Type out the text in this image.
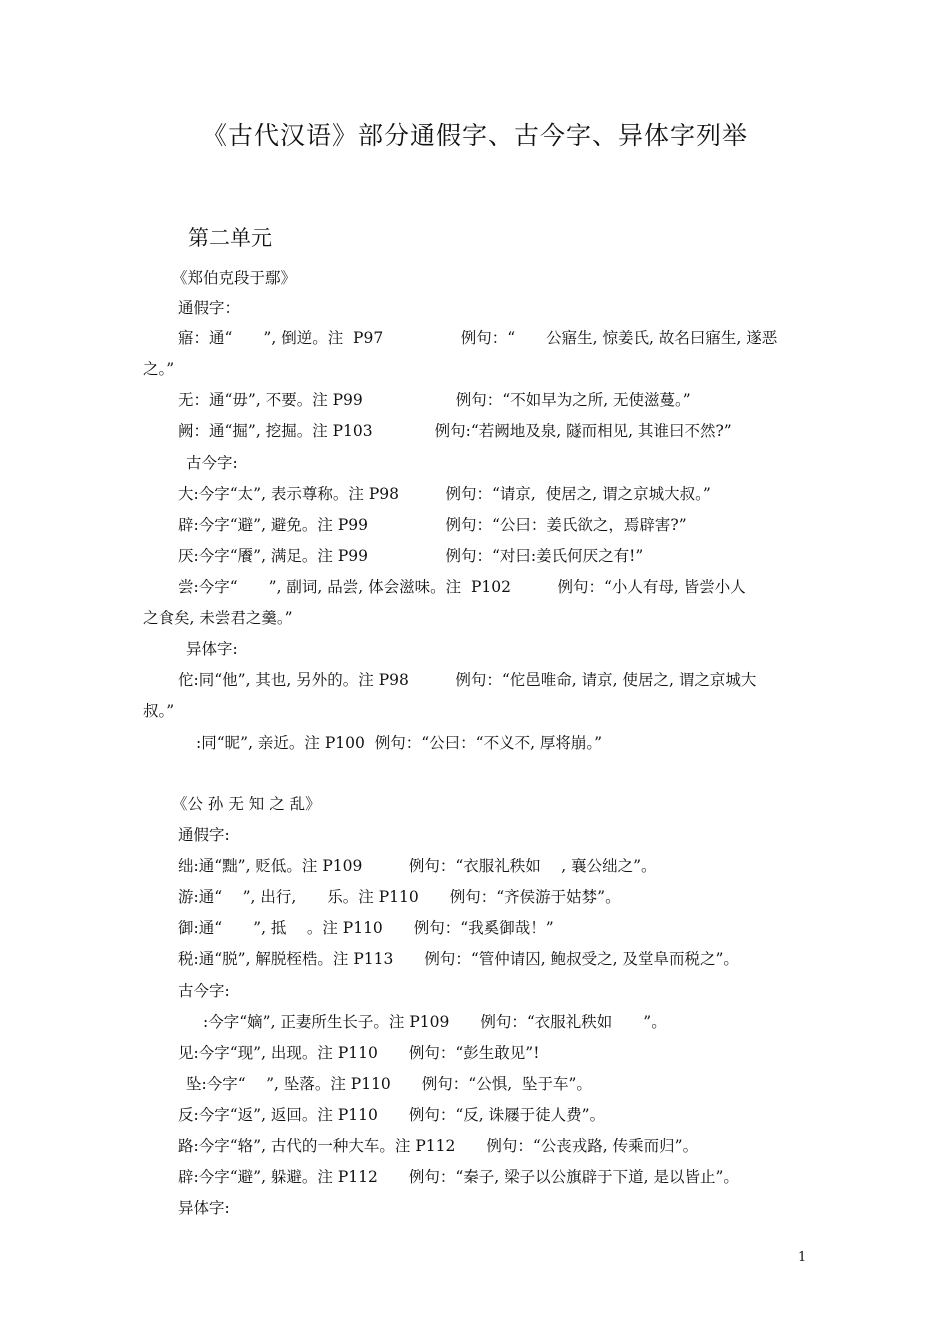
《古代汉语》部分通假字、古今字、异体字列举
第二单元
《郑伯克段于鄢》
通假字：
寤：通“　　”, 倒逆。注  P97　　　　　例句：“　　公寤生, 惊姜氏, 故名曰寤生, 遂恶
之。”
无：通“毋”, 不要。注 P99　　　　　　例句：“不如早为之所, 无使滋蔓。”
阙：通“掘”, 挖掘。注 P103　　　　例句:“若阙地及泉, 隧而相见, 其谁曰不然?”
古今字:
大:今字“太”, 表示尊称。注 P98　　　例句：“请京,  使居之, 谓之京城大叔。”
辟:今字“避”, 避免。注 P99　　　　　例句：“公曰：姜氏欲之，焉辟害?”
厌:今字“餍”, 满足。注 P99　　　　　例句：“对曰:姜氏何厌之有!”
尝:今字“　　”, 副词, 品尝, 体会滋味。注  P102　　　例句：“小人有母, 皆尝小人
之食矣, 未尝君之羹。”
异体字:
佗:同“他”, 其也, 另外的。注 P98　　　例句：“佗邑唯命, 请京, 使居之, 谓之京城大
叔。”
:同“昵”, 亲近。注 P100  例句：“公曰：“不义不, 厚将崩。”
《公 孙 无 知 之 乱》
通假字:
绌:通“黜”, 贬低。注 P109　　　例句：“衣服礼秩如　 , 襄公绌之”。
游:通“　 ”, 出行,　　乐。注 P110　　例句：“齐侯游于姑棼”。
御:通“　　”, 抵　 。注 P110　　例句：“我奚御哉！”
税:通“脱”, 解脱桎梏。注 P113　　例句：“管仲请囚, 鲍叔受之, 及堂阜而税之”。
古今字:
:今字“嫡”, 正妻所生长子。注 P109　　例句：“衣服礼秩如　　”。
见:今字“现”, 出现。注 P110　　例句：“彭生敢见”!
坠:今字“　 ”, 坠落。注 P110　　例句：“公惧,  坠于车”。
反:今字“返”, 返回。注 P110　　例句：“反, 诛屦于徒人费”。
路:今字“辂”, 古代的一种大车。注 P112　　例句：“公丧戎路, 传乘而归”。
辟:今字“避”, 躲避。注 P112　　例句：“秦子, 梁子以公旗辟于下道, 是以皆止”。
异体字:
1
